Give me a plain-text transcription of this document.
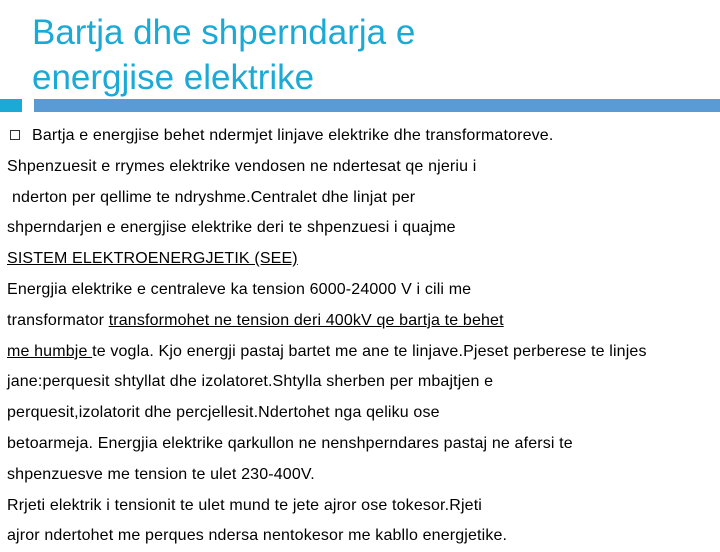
Bartja dhe shperndarja e
energjise elektrike
Bartja e energjise behet ndermjet linjave elektrike dhe transformatoreve.
Shpenzuesit e rrymes elektrike vendosen ne ndertesat qe njeriu i
nderton per qellime te ndryshme.Centralet dhe linjat per
shperndarjen e energjise elektrike deri te shpenzuesi i quajme
SISTEM ELEKTROENERGJETIK (SEE)
Energjia elektrike e centraleve ka tension 6000-24000 V i cili me
transformator transformohet ne tension deri 400kV qe bartja te behet
me humbje te vogla. Kjo energji pastaj bartet me ane te linjave.Pjeset perberese te linjes
jane:perquesit shtyllat dhe izolatoret.Shtylla sherben per mbajtjen e
perquesit,izolatorit dhe percjellesit.Ndertohet nga qeliku ose
betoarmeja. Energjia elektrike qarkullon ne nenshperndares pastaj ne afersi te
shpenzuesve me tension te ulet 230-400V.
Rrjeti elektrik i tensionit te ulet mund te jete ajror ose tokesor.Rjeti
ajror ndertohet me perques ndersa nentokesor me kabllo energjetike.
